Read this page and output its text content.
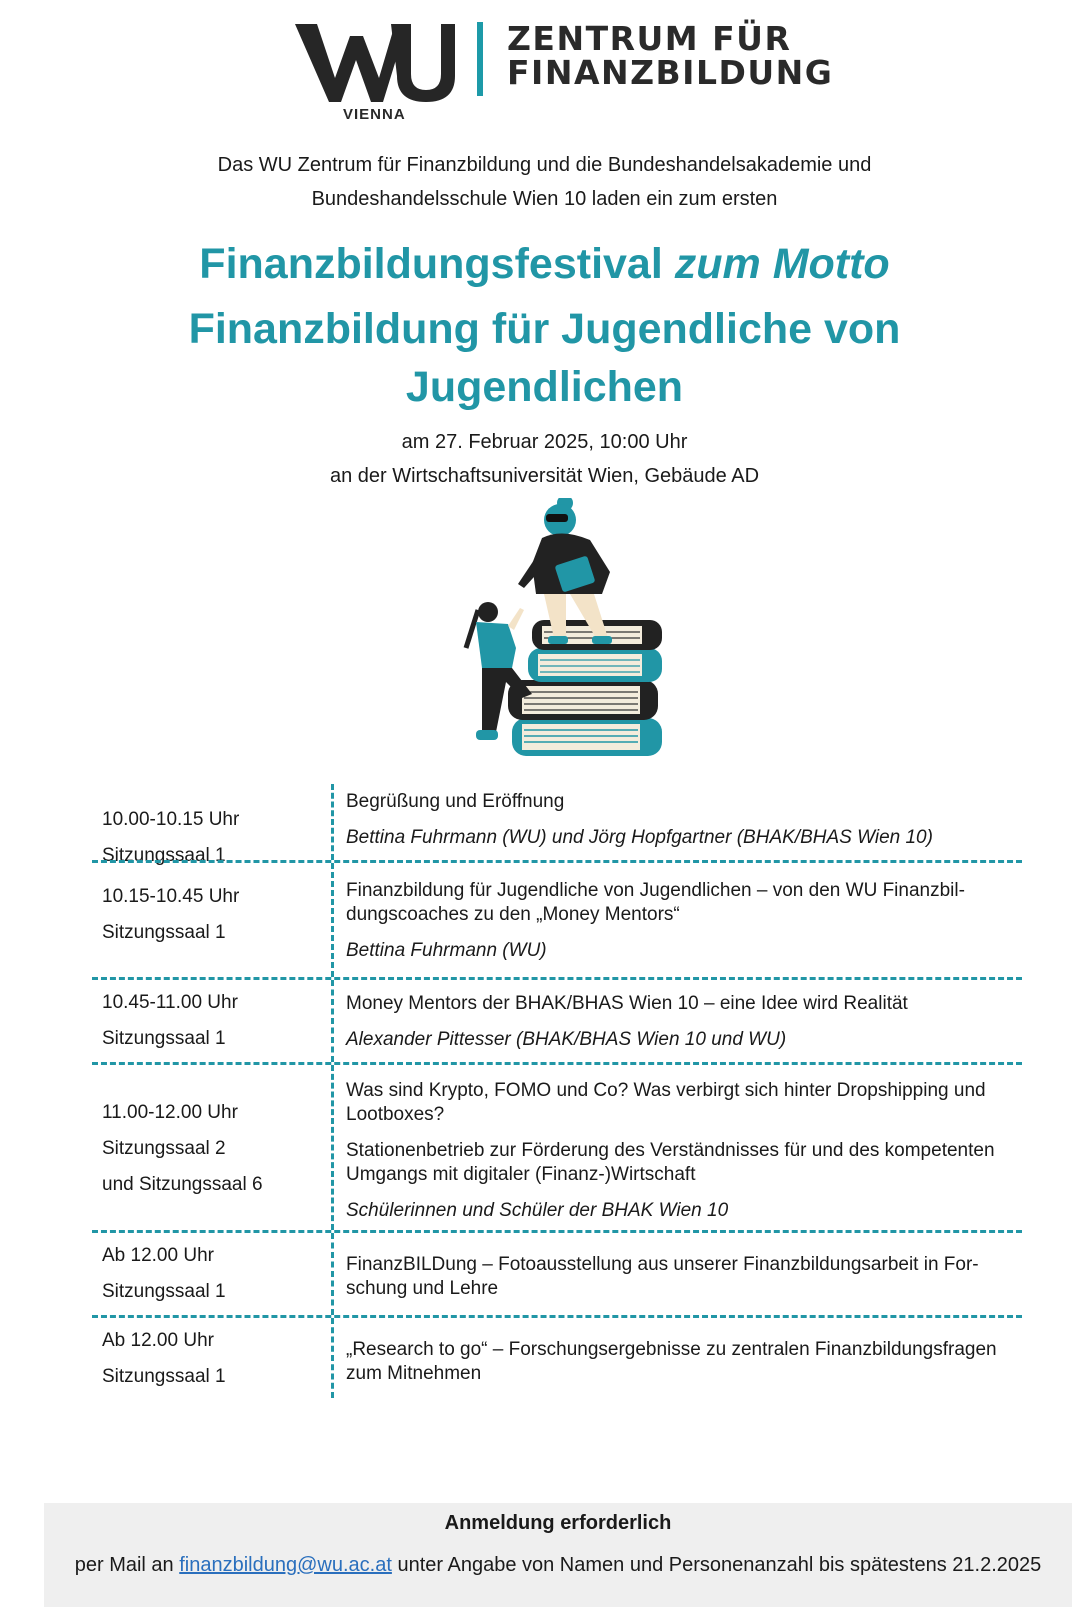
VIENNA
ZENTRUM FÜR
FINANZBILDUNG
Das WU Zentrum für Finanzbildung und die Bundeshandelsakademie und
Bundeshandelsschule Wien 10 laden ein zum ersten
Finanzbildungsfestival zum Motto
Finanzbildung für Jugendliche von
Jugendlichen
am 27. Februar 2025, 10:00 Uhr
an der Wirtschaftsuniversität Wien, Gebäude AD
10.00-10.15 Uhr
Sitzungssaal 1

Begrüßung und Eröffnung

Bettina Fuhrmann (WU) und Jörg Hopfgartner (BHAK/BHAS Wien 10)

10.15-10.45 Uhr
Sitzungssaal 1

Finanzbildung für Jugendliche von Jugendlichen – von den WU Finanzbil-dungscoaches zu den „Money Mentors“

Bettina Fuhrmann (WU)

10.45-11.00 Uhr
Sitzungssaal 1

Money Mentors der BHAK/BHAS Wien 10 – eine Idee wird Realität

Alexander Pittesser (BHAK/BHAS Wien 10 und WU)

11.00-12.00 Uhr
Sitzungssaal 2
und Sitzungssaal 6

Was sind Krypto, FOMO und Co? Was verbirgt sich hinter Dropshipping und Lootboxes?

Stationenbetrieb zur Förderung des Verständnisses für und des kompetenten Umgangs mit digitaler (Finanz-)Wirtschaft

Schülerinnen und Schüler der BHAK Wien 10

Ab 12.00 Uhr
Sitzungssaal 1

FinanzBILDung – Fotoausstellung aus unserer Finanzbildungsarbeit in For-schung und Lehre

Ab 12.00 Uhr
Sitzungssaal 1

„Research to go“ – Forschungsergebnisse zu zentralen Finanzbildungsfragen zum Mitnehmen

Anmeldung erforderlich
per Mail an finanzbildung@wu.ac.at unter Angabe von Namen und Personenanzahl bis spätestens 21.2.2025
